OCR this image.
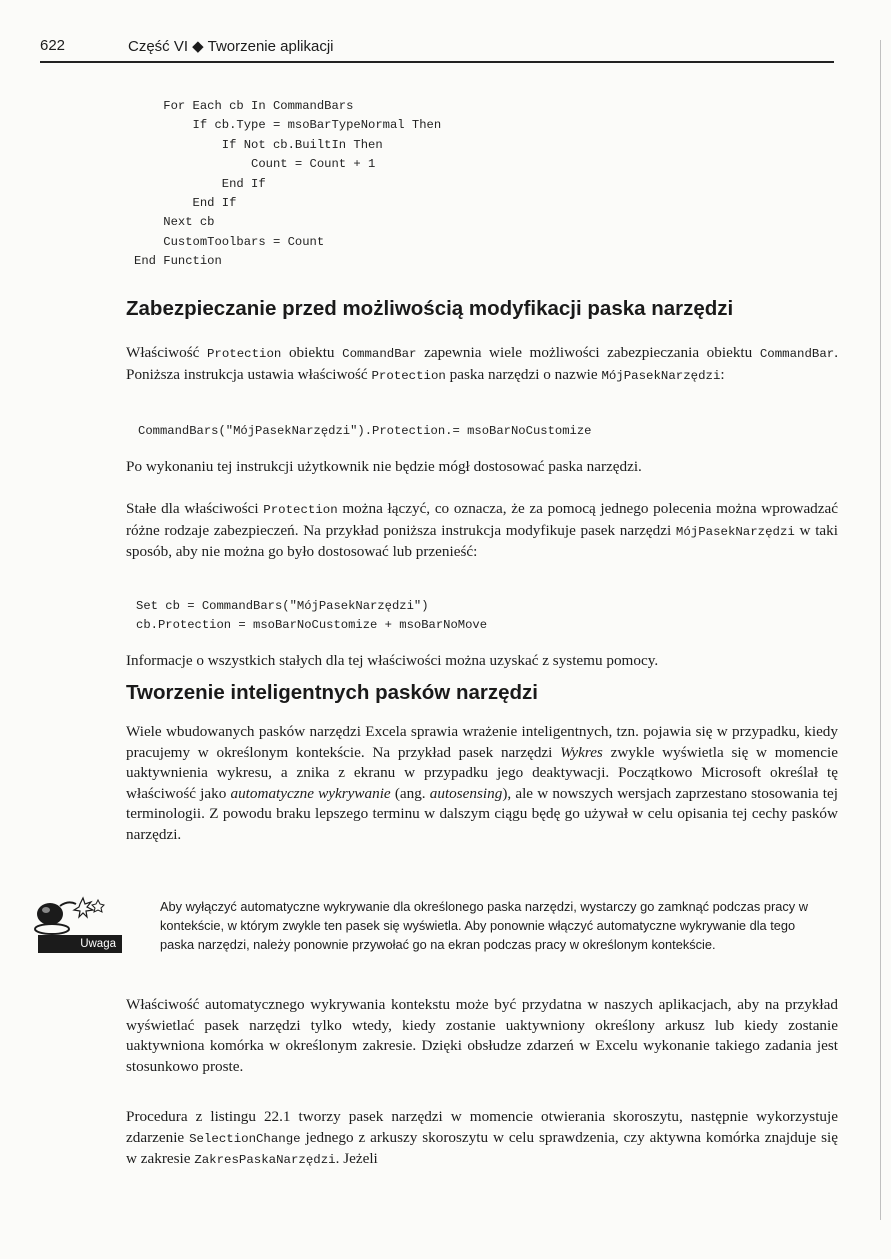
622	Część VI ◆ Tworzenie aplikacji
For Each cb In CommandBars
If cb.Type = msoBarTypeNormal Then
If Not cb.BuiltIn Then
Count = Count + 1
End If
End If
Next cb
CustomToolbars = Count
End Function
Zabezpieczanie przed możliwością modyfikacji paska narzędzi

Właściwość Protection obiektu CommandBar zapewnia wiele możliwości zabezpieczania obiektu CommandBar. Poniższa instrukcja ustawia właściwość Protection paska narzędzi o nazwie MójPasekNarzędzi:

CommandBars("MójPasekNarzędzi").Protection.= msoBarNoCustomize

Po wykonaniu tej instrukcji użytkownik nie będzie mógł dostosować paska narzędzi.

Stałe dla właściwości Protection można łączyć, co oznacza, że za pomocą jednego polecenia można wprowadzać różne rodzaje zabezpieczeń. Na przykład poniższa instrukcja modyfikuje pasek narzędzi MójPasekNarzędzi w taki sposób, aby nie można go było dostosować lub przenieść:

Set cb = CommandBars("MójPasekNarzędzi")
cb.Protection = msoBarNoCustomize + msoBarNoMove

Informacje o wszystkich stałych dla tej właściwości można uzyskać z systemu pomocy.

Tworzenie inteligentnych pasków narzędzi

Wiele wbudowanych pasków narzędzi Excela sprawia wrażenie inteligentnych, tzn. pojawia się w przypadku, kiedy pracujemy w określonym kontekście. Na przykład pasek narzędzi Wykres zwykle wyświetla się w momencie uaktywnienia wykresu, a znika z ekranu w przypadku jego deaktywacji. Początkowo Microsoft określał tę właściwość jako automatyczne wykrywanie (ang. autosensing), ale w nowszych wersjach zaprzestano stosowania tej terminologii. Z powodu braku lepszego terminu w dalszym ciągu będę go używał w celu opisania tej cechy pasków narzędzi.

Uwaga

Aby wyłączyć automatyczne wykrywanie dla określonego paska narzędzi, wystarczy go zamknąć podczas pracy w kontekście, w którym zwykle ten pasek się wyświetla. Aby ponownie włączyć automatyczne wykrywanie dla tego paska narzędzi, należy ponownie przywołać go na ekran podczas pracy w określonym kontekście.

Właściwość automatycznego wykrywania kontekstu może być przydatna w naszych aplikacjach, aby na przykład wyświetlać pasek narzędzi tylko wtedy, kiedy zostanie uaktywniony określony arkusz lub kiedy zostanie uaktywniona komórka w określonym zakresie. Dzięki obsłudze zdarzeń w Excelu wykonanie takiego zadania jest stosunkowo proste.

Procedura z listingu 22.1 tworzy pasek narzędzi w momencie otwierania skoroszytu, następnie wykorzystuje zdarzenie SelectionChange jednego z arkuszy skoroszytu w celu sprawdzenia, czy aktywna komórka znajduje się w zakresie ZakresPaskaNarzędzi. Jeżeli
